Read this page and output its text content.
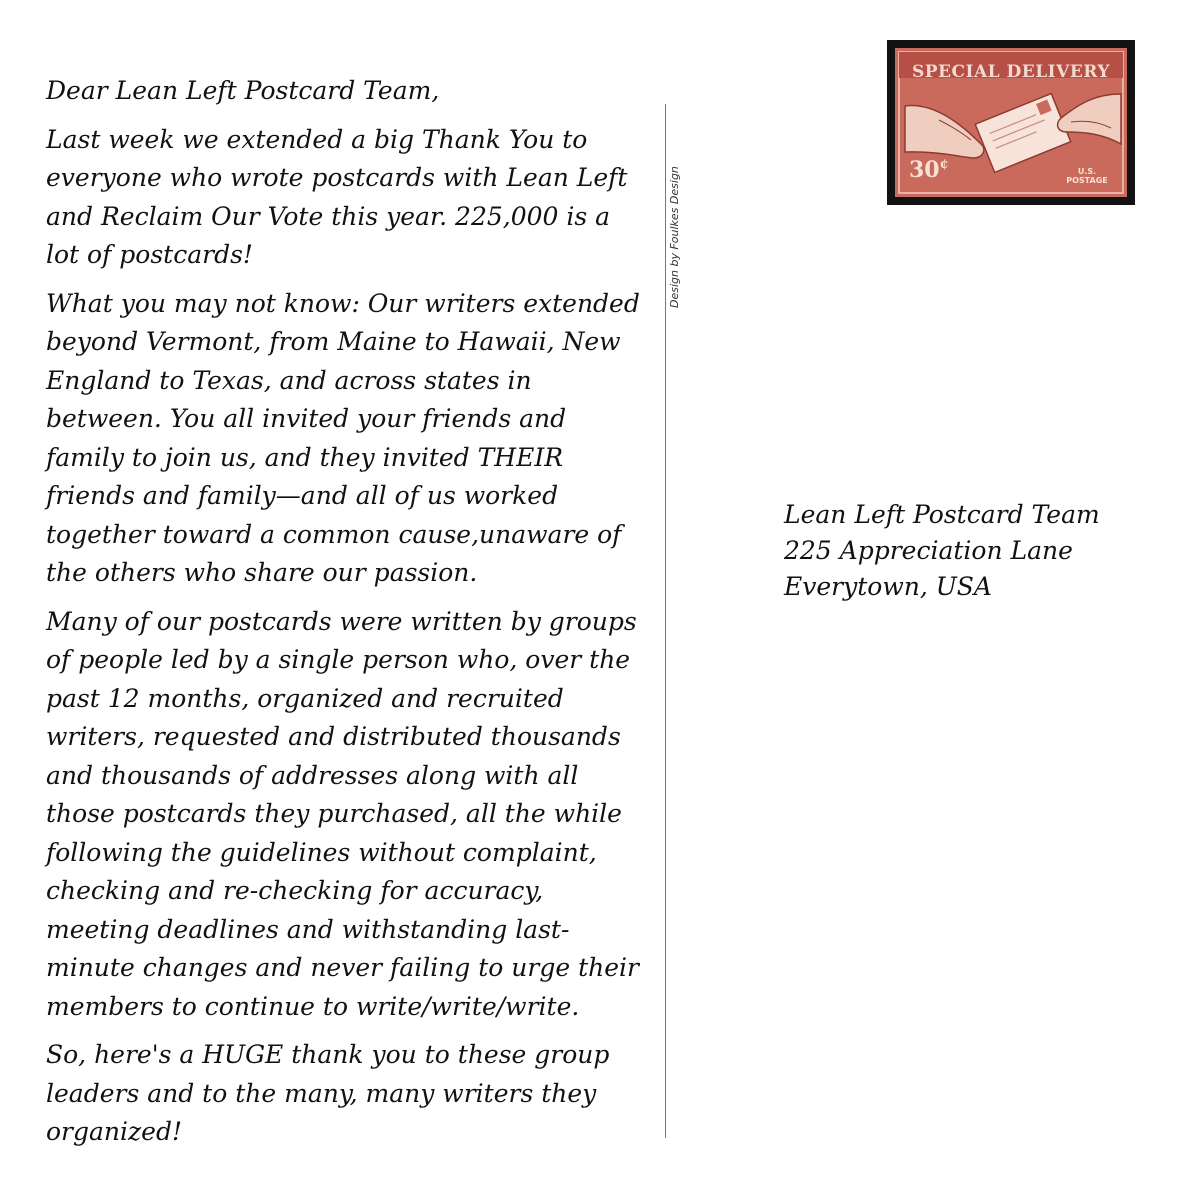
Dear Lean Left Postcard Team,

Last week we extended a big Thank You to everyone who wrote postcards with Lean Left and Reclaim Our Vote this year. 225,000 is a lot of postcards!

What you may not know: Our writers extended beyond Vermont, from Maine to Hawaii, New England to Texas, and across states in between. You all invited your friends and family to join us, and they invited THEIR friends and family—and all of us worked together toward a common cause,unaware of the others who share our passion.

Many of our postcards were written by groups of people led by a single person who, over the past 12 months, organized and recruited writers, requested and distributed thousands and thousands of addresses along with all those postcards they purchased, all the while following the guidelines without complaint, checking and re-checking for accuracy, meeting deadlines and withstanding last-minute changes and never failing to urge their members to continue to write/write/write.

So, here's a HUGE thank you to these group leaders and to the many, many writers they organized!

Design by Foulkes Design
SPECIAL DELIVERY
30¢	U.S.
POSTAGE
Lean Left Postcard Team
225 Appreciation Lane
Everytown, USA
